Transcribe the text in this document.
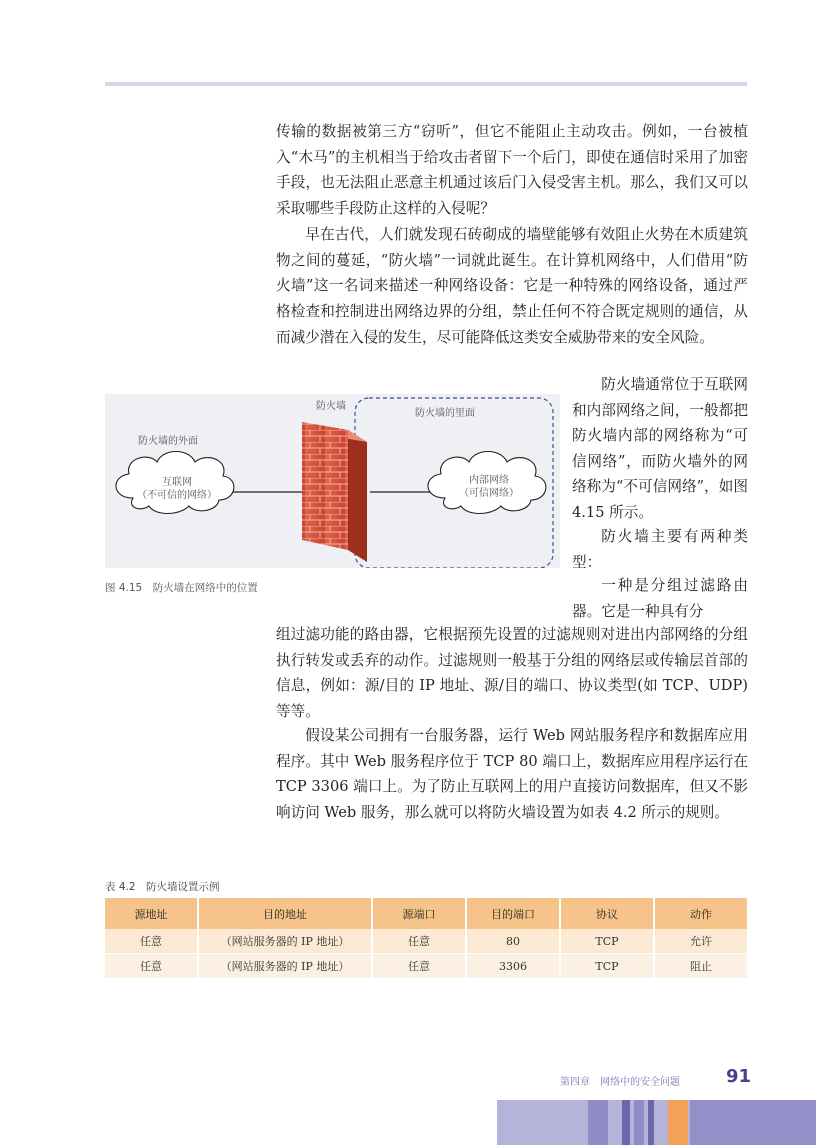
传输的数据被第三方“窃听”，但它不能阻止主动攻击。例如，一台被植入“木马”的主机相当于给攻击者留下一个后门，即使在通信时采用了加密手段，也无法阻止恶意主机通过该后门入侵受害主机。那么，我们又可以采取哪些手段防止这样的入侵呢？

早在古代，人们就发现石砖砌成的墙壁能够有效阻止火势在木质建筑物之间的蔓延，“防火墙”一词就此诞生。在计算机网络中，人们借用“防火墙”这一名词来描述一种网络设备：它是一种特殊的网络设备，通过严格检查和控制进出网络边界的分组，禁止任何不符合既定规则的通信，从而减少潜在入侵的发生，尽可能降低这类安全威胁带来的安全风险。

防火墙通常位于互联网和内部网络之间，一般都把防火墙内部的网络称为“可信网络”，而防火墙外的网络称为“不可信网络”，如图 4.15 所示。

防火墙主要有两种类型：

一种是分组过滤路由器。它是一种具有分

组过滤功能的路由器，它根据预先设置的过滤规则对进出内部网络的分组执行转发或丢弃的动作。过滤规则一般基于分组的网络层或传输层首部的信息，例如：源/目的 IP 地址、源/目的端口、协议类型(如 TCP、UDP)等等。

假设某公司拥有一台服务器，运行 Web 网站服务程序和数据库应用程序。其中 Web 服务程序位于 TCP 80 端口上，数据库应用程序运行在 TCP 3306 端口上。为了防止互联网上的用户直接访问数据库，但又不影响访问 Web 服务，那么就可以将防火墙设置为如表 4.2 所示的规则。

防火墙
防火墙的外面
防火墙的里面
互联网
（不可信的网络）
内部网络
（可信网络）
图 4.15　防火墙在网络中的位置
表 4.2　防火墙设置示例
源地址	目的地址	源端口	目的端口	协议	动作
任意	（网站服务器的 IP 地址）	任意	80	TCP	允许
任意	（网站服务器的 IP 地址）	任意	3306	TCP	阻止
第四章　网络中的安全问题	91
